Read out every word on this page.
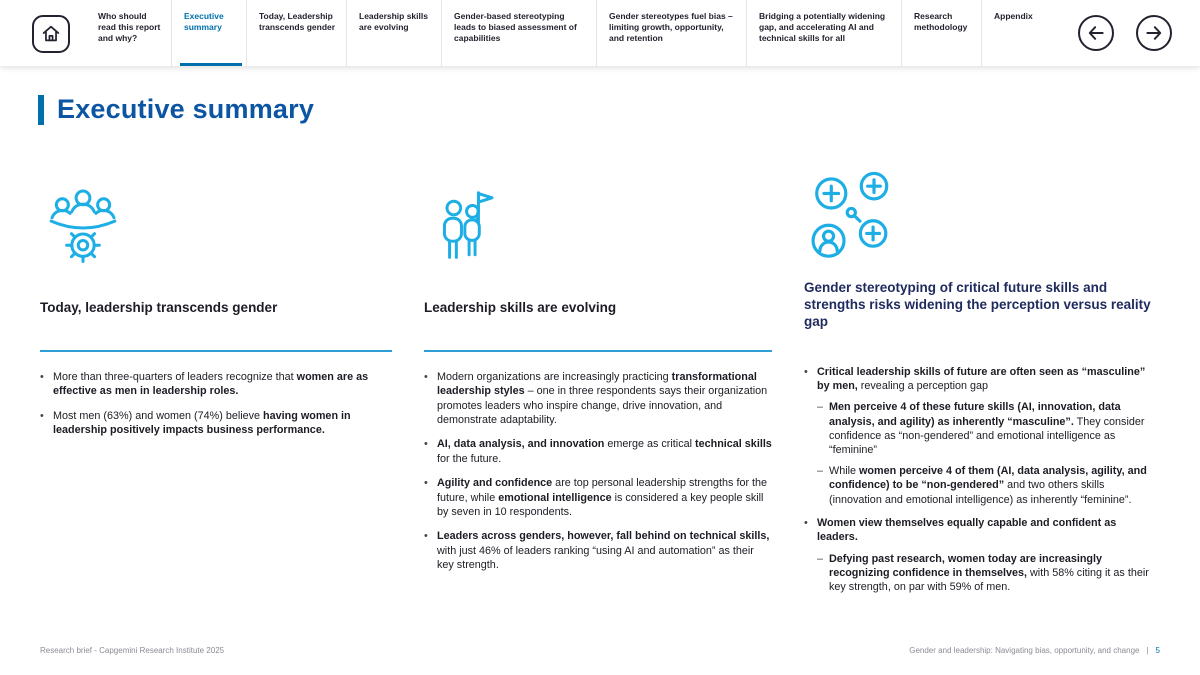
Who should read this report and why?
Executive summary
Today, Leadership transcends gender
Leadership skills are evolving
Gender-based stereotyping leads to biased assessment of capabilities
Gender stereotypes fuel bias – limiting growth, opportunity, and retention
Bridging a potentially widening gap, and accelerating AI and technical skills for all
Research methodology
Appendix
Executive summary
Today, leadership transcends gender
• More than three-quarters of leaders recognize that women are as effective as men in leadership roles.
• Most men (63%) and women (74%) believe having women in leadership positively impacts business performance.
Leadership skills are evolving
• Modern organizations are increasingly practicing transformational leadership styles – one in three respondents says their organization promotes leaders who inspire change, drive innovation, and demonstrate adaptability.
• AI, data analysis, and innovation emerge as critical technical skills for the future.
• Agility and confidence are top personal leadership strengths for the future, while emotional intelligence is considered a key people skill by seven in 10 respondents.
• Leaders across genders, however, fall behind on technical skills, with just 46% of leaders ranking “using AI and automation” as their key strength.
Gender stereotyping of critical future skills and strengths risks widening the perception versus reality gap
• Critical leadership skills of future are often seen as “masculine” by men, revealing a perception gap
– Men perceive 4 of these future skills (AI, innovation, data analysis, and agility) as inherently “masculine”. They consider confidence as “non-gendered” and emotional intelligence as “feminine”
– While women perceive 4 of them (AI, data analysis, agility, and confidence) to be “non-gendered” and two others skills (innovation and emotional intelligence) as inherently “feminine”.
• Women view themselves equally capable and confident as leaders.
– Defying past research, women today are increasingly recognizing confidence in themselves, with 58% citing it as their key strength, on par with 59% of men.
Research brief - Capgemini Research Institute 2025	Gender and leadership: Navigating bias, opportunity, and change | 5
